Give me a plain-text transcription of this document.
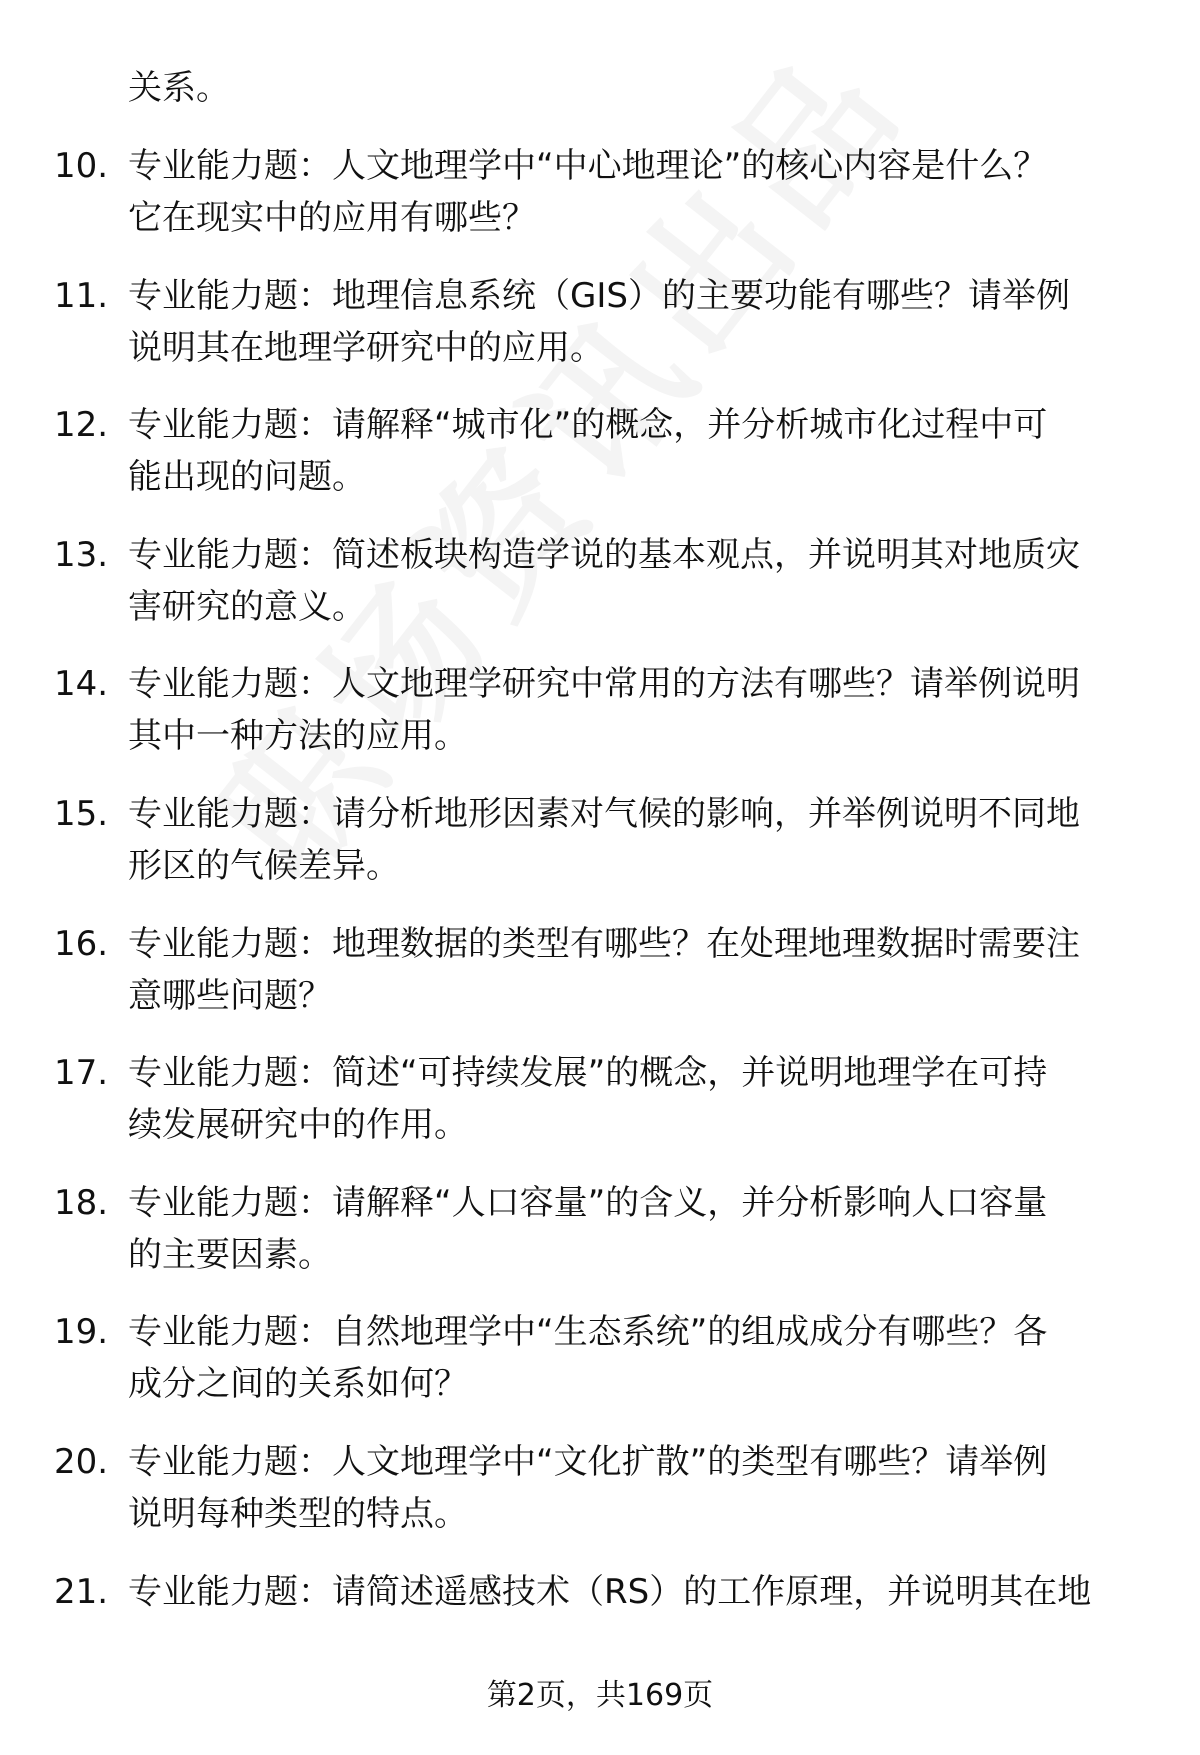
关系。
10. 专业能力题：人文地理学中“中心地理论”的核心内容是什么？
它在现实中的应用有哪些？
11. 专业能力题：地理信息系统（GIS）的主要功能有哪些？请举例
说明其在地理学研究中的应用。
12. 专业能力题：请解释“城市化”的概念，并分析城市化过程中可
能出现的问题。
13. 专业能力题：简述板块构造学说的基本观点，并说明其对地质灾
害研究的意义。
14. 专业能力题：人文地理学研究中常用的方法有哪些？请举例说明
其中一种方法的应用。
15. 专业能力题：请分析地形因素对气候的影响，并举例说明不同地
形区的气候差异。
16. 专业能力题：地理数据的类型有哪些？在处理地理数据时需要注
意哪些问题？
17. 专业能力题：简述“可持续发展”的概念，并说明地理学在可持
续发展研究中的作用。
18. 专业能力题：请解释“人口容量”的含义，并分析影响人口容量
的主要因素。
19. 专业能力题：自然地理学中“生态系统”的组成成分有哪些？各
成分之间的关系如何？
20. 专业能力题：人文地理学中“文化扩散”的类型有哪些？请举例
说明每种类型的特点。
21. 专业能力题：请简述遥感技术（RS）的工作原理，并说明其在地
第2页，共169页
